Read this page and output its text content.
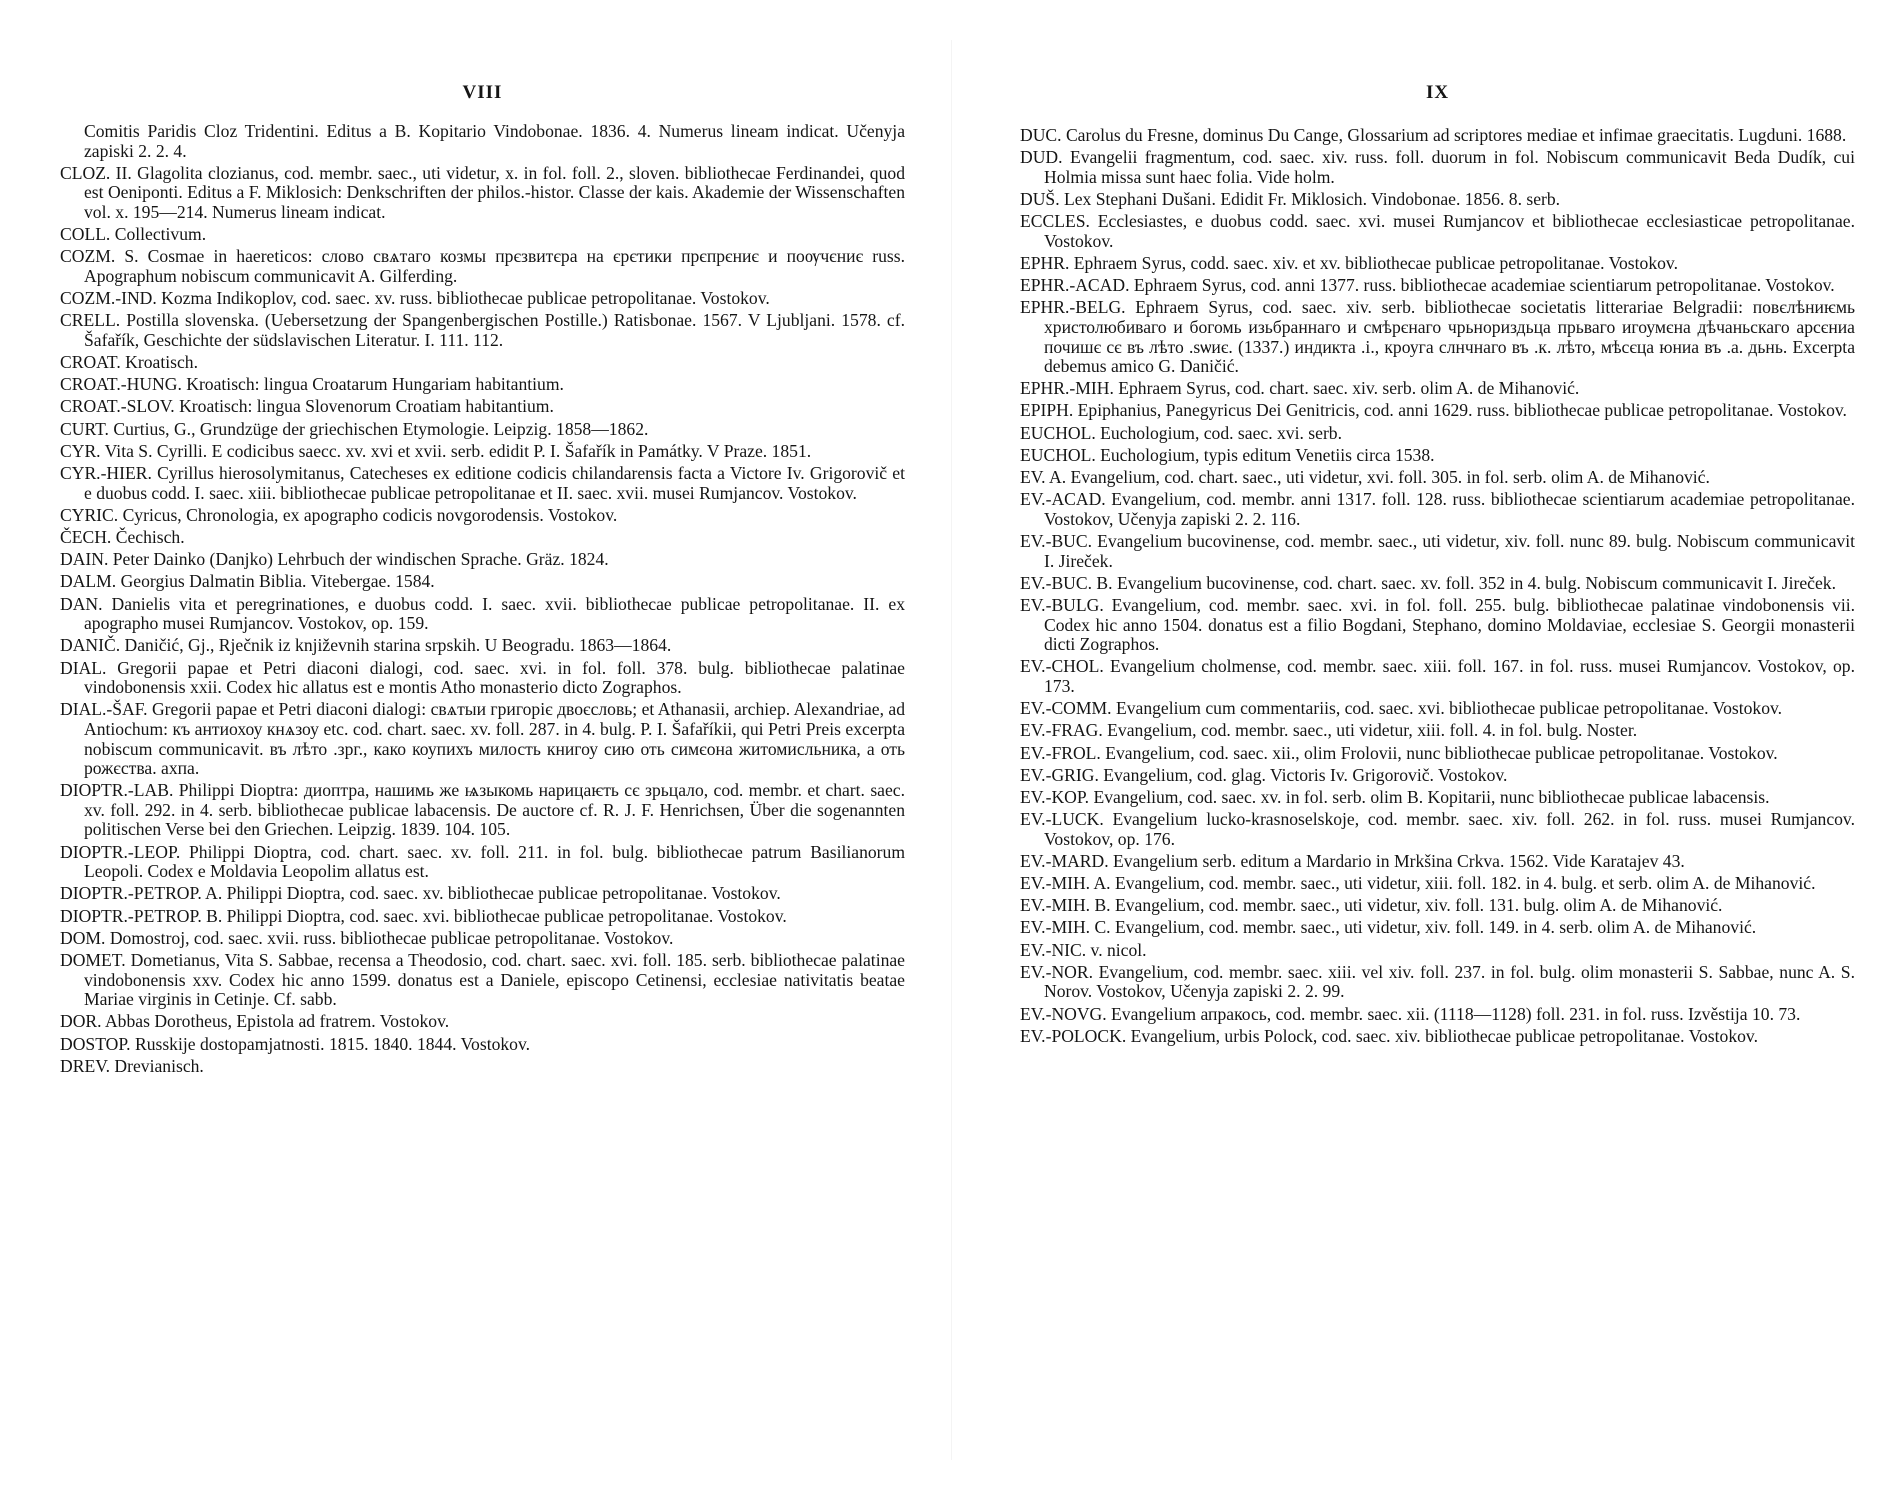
VIII
Comitis Paridis Cloz Tridentini. Editus a B. Kopitario Vindobonae. 1836. 4. Numerus lineam indicat. Učenyja zapiski 2. 2. 4.
CLOZ. II. Glagolita clozianus, cod. membr. saec., uti videtur, x. in fol. foll. 2., sloven. bibliothecae Ferdinandei, quod est Oeniponti. Editus a F. Miklosich: Denkschriften der philos.-histor. Classe der kais. Akademie der Wissenschaften vol. x. 195—214. Numerus lineam indicat.
COLL. Collectivum.
COZM. S. Cosmae in haereticos: слово свѧтаго козмы прєзвитєра на єрєтики прєпрєниє и поѹчєниє russ. Apographum nobiscum communicavit A. Gilferding.
COZM.-IND. Kozma Indikoplov, cod. saec. xv. russ. bibliothecae publicae petropolitanae. Vostokov.
CRELL. Postilla slovenska. (Uebersetzung der Spangenbergischen Postille.) Ratisbonae. 1567. V Ljubljani. 1578. cf. Šafařík, Geschichte der südslavischen Literatur. I. 111. 112.
CROAT. Kroatisch.
CROAT.-HUNG. Kroatisch: lingua Croatarum Hungariam habitantium.
CROAT.-SLOV. Kroatisch: lingua Slovenorum Croatiam habitantium.
CURT. Curtius, G., Grundzüge der griechischen Etymologie. Leipzig. 1858—1862.
CYR. Vita S. Cyrilli. E codicibus saecc. xv. xvi et xvii. serb. edidit P. I. Šafařík in Památky. V Praze. 1851.
CYR.-HIER. Cyrillus hierosolymitanus, Catecheses ex editione codicis chilandarensis facta a Victore Iv. Grigorovič et e duobus codd. I. saec. xiii. bibliothecae publicae petropolitanae et II. saec. xvii. musei Rumjancov. Vostokov.
CYRIC. Cyricus, Chronologia, ex apographo codicis novgorodensis. Vostokov.
ČECH. Čechisch.
DAIN. Peter Dainko (Danjko) Lehrbuch der windischen Sprache. Gräz. 1824.
DALM. Georgius Dalmatin Biblia. Vitebergae. 1584.
DAN. Danielis vita et peregrinationes, e duobus codd. I. saec. xvii. bibliothecae publicae petropolitanae. II. ex apographo musei Rumjancov. Vostokov, op. 159.
DANIČ. Daničić, Gj., Rječnik iz književnih starina srpskih. U Beogradu. 1863—1864.
DIAL. Gregorii papae et Petri diaconi dialogi, cod. saec. xvi. in fol. foll. 378. bulg. bibliothecae palatinae vindobonensis xxii. Codex hic allatus est e montis Atho monasterio dicto Zographos.
DIAL.-ŠAF. Gregorii papae et Petri diaconi dialogi: свѧтыи григоріє двоєсловь; et Athanasii, archiep. Alexandriae, ad Antiochum: къ антиохоу кнѧзоу etc. cod. chart. saec. xv. foll. 287. in 4. bulg. P. I. Šafaříkii, qui Petri Preis excerpta nobiscum communicavit. въ лѣто .зрг., како коупихъ милость книгоу сию оть симєона житомисльника, а оть рожєства. ахпа.
DIOPTR.-LAB. Philippi Dioptra: диоптра, нашимь же ѩзыкомь нарицаѥть сє зрьцало, cod. membr. et chart. saec. xv. foll. 292. in 4. serb. bibliothecae publicae labacensis. De auctore cf. R. J. F. Henrichsen, Über die sogenannten politischen Verse bei den Griechen. Leipzig. 1839. 104. 105.
DIOPTR.-LEOP. Philippi Dioptra, cod. chart. saec. xv. foll. 211. in fol. bulg. bibliothecae patrum Basilianorum Leopoli. Codex e Moldavia Leopolim allatus est.
DIOPTR.-PETROP. A. Philippi Dioptra, cod. saec. xv. bibliothecae publicae petropolitanae. Vostokov.
DIOPTR.-PETROP. B. Philippi Dioptra, cod. saec. xvi. bibliothecae publicae petropolitanae. Vostokov.
DOM. Domostroj, cod. saec. xvii. russ. bibliothecae publicae petropolitanae. Vostokov.
DOMET. Dometianus, Vita S. Sabbae, recensa a Theodosio, cod. chart. saec. xvi. foll. 185. serb. bibliothecae palatinae vindobonensis xxv. Codex hic anno 1599. donatus est a Daniele, episcopo Cetinensi, ecclesiae nativitatis beatae Mariae virginis in Cetinje. Cf. sabb.
DOR. Abbas Dorotheus, Epistola ad fratrem. Vostokov.
DOSTOP. Russkije dostopamjatnosti. 1815. 1840. 1844. Vostokov.
DREV. Drevianisch.
IX
DUC. Carolus du Fresne, dominus Du Cange, Glossarium ad scriptores mediae et infimae graecitatis. Lugduni. 1688.
DUD. Evangelii fragmentum, cod. saec. xiv. russ. foll. duorum in fol. Nobiscum communicavit Beda Dudík, cui Holmia missa sunt haec folia. Vide holm.
DUŠ. Lex Stephani Dušani. Edidit Fr. Miklosich. Vindobonae. 1856. 8. serb.
ECCLES. Ecclesiastes, e duobus codd. saec. xvi. musei Rumjancov et bibliothecae ecclesiasticae petropolitanae. Vostokov.
EPHR. Ephraem Syrus, codd. saec. xiv. et xv. bibliothecae publicae petropolitanae. Vostokov.
EPHR.-ACAD. Ephraem Syrus, cod. anni 1377. russ. bibliothecae academiae scientiarum petropolitanae. Vostokov.
EPHR.-BELG. Ephraem Syrus, cod. saec. xiv. serb. bibliothecae societatis litterariae Belgradii: повєлѣниѥмь христолюбиваго и богомь изьбраннаго и смѣрєнаго чрьнориздьца прьваго игоумєна дѣчаньскаго арсєниа почишє сє въ лѣто .ѕѡиє. (1337.) индикта .і., кроуга слнчнаго въ .к. лѣто, мѣсєца юниа въ .а. дьнь. Excerpta debemus amico G. Daničić.
EPHR.-MIH. Ephraem Syrus, cod. chart. saec. xiv. serb. olim A. de Mihanović.
EPIPH. Epiphanius, Panegyricus Dei Genitricis, cod. anni 1629. russ. bibliothecae publicae petropolitanae. Vostokov.
EUCHOL. Euchologium, cod. saec. xvi. serb.
EUCHOL. Euchologium, typis editum Venetiis circa 1538.
EV. A. Evangelium, cod. chart. saec., uti videtur, xvi. foll. 305. in fol. serb. olim A. de Mihanović.
EV.-ACAD. Evangelium, cod. membr. anni 1317. foll. 128. russ. bibliothecae scientiarum academiae petropolitanae. Vostokov, Učenyja zapiski 2. 2. 116.
EV.-BUC. Evangelium bucovinense, cod. membr. saec., uti videtur, xiv. foll. nunc 89. bulg. Nobiscum communicavit I. Jireček.
EV.-BUC. B. Evangelium bucovinense, cod. chart. saec. xv. foll. 352 in 4. bulg. Nobiscum communicavit I. Jireček.
EV.-BULG. Evangelium, cod. membr. saec. xvi. in fol. foll. 255. bulg. bibliothecae palatinae vindobonensis vii. Codex hic anno 1504. donatus est a filio Bogdani, Stephano, domino Moldaviae, ecclesiae S. Georgii monasterii dicti Zographos.
EV.-CHOL. Evangelium cholmense, cod. membr. saec. xiii. foll. 167. in fol. russ. musei Rumjancov. Vostokov, op. 173.
EV.-COMM. Evangelium cum commentariis, cod. saec. xvi. bibliothecae publicae petropolitanae. Vostokov.
EV.-FRAG. Evangelium, cod. membr. saec., uti videtur, xiii. foll. 4. in fol. bulg. Noster.
EV.-FROL. Evangelium, cod. saec. xii., olim Frolovii, nunc bibliothecae publicae petropolitanae. Vostokov.
EV.-GRIG. Evangelium, cod. glag. Victoris Iv. Grigorovič. Vostokov.
EV.-KOP. Evangelium, cod. saec. xv. in fol. serb. olim B. Kopitarii, nunc bibliothecae publicae labacensis.
EV.-LUCK. Evangelium lucko-krasnoselskoje, cod. membr. saec. xiv. foll. 262. in fol. russ. musei Rumjancov. Vostokov, op. 176.
EV.-MARD. Evangelium serb. editum a Mardario in Mrkšina Crkva. 1562. Vide Karatajev 43.
EV.-MIH. A. Evangelium, cod. membr. saec., uti videtur, xiii. foll. 182. in 4. bulg. et serb. olim A. de Mihanović.
EV.-MIH. B. Evangelium, cod. membr. saec., uti videtur, xiv. foll. 131. bulg. olim A. de Mihanović.
EV.-MIH. C. Evangelium, cod. membr. saec., uti videtur, xiv. foll. 149. in 4. serb. olim A. de Mihanović.
EV.-NIC. v. nicol.
EV.-NOR. Evangelium, cod. membr. saec. xiii. vel xiv. foll. 237. in fol. bulg. olim monasterii S. Sabbae, nunc A. S. Norov. Vostokov, Učenyja zapiski 2. 2. 99.
EV.-NOVG. Evangelium апракось, cod. membr. saec. xii. (1118—1128) foll. 231. in fol. russ. Izvěstija 10. 73.
EV.-POLOCK. Evangelium, urbis Polock, cod. saec. xiv. bibliothecae publicae petropolitanae. Vostokov.
